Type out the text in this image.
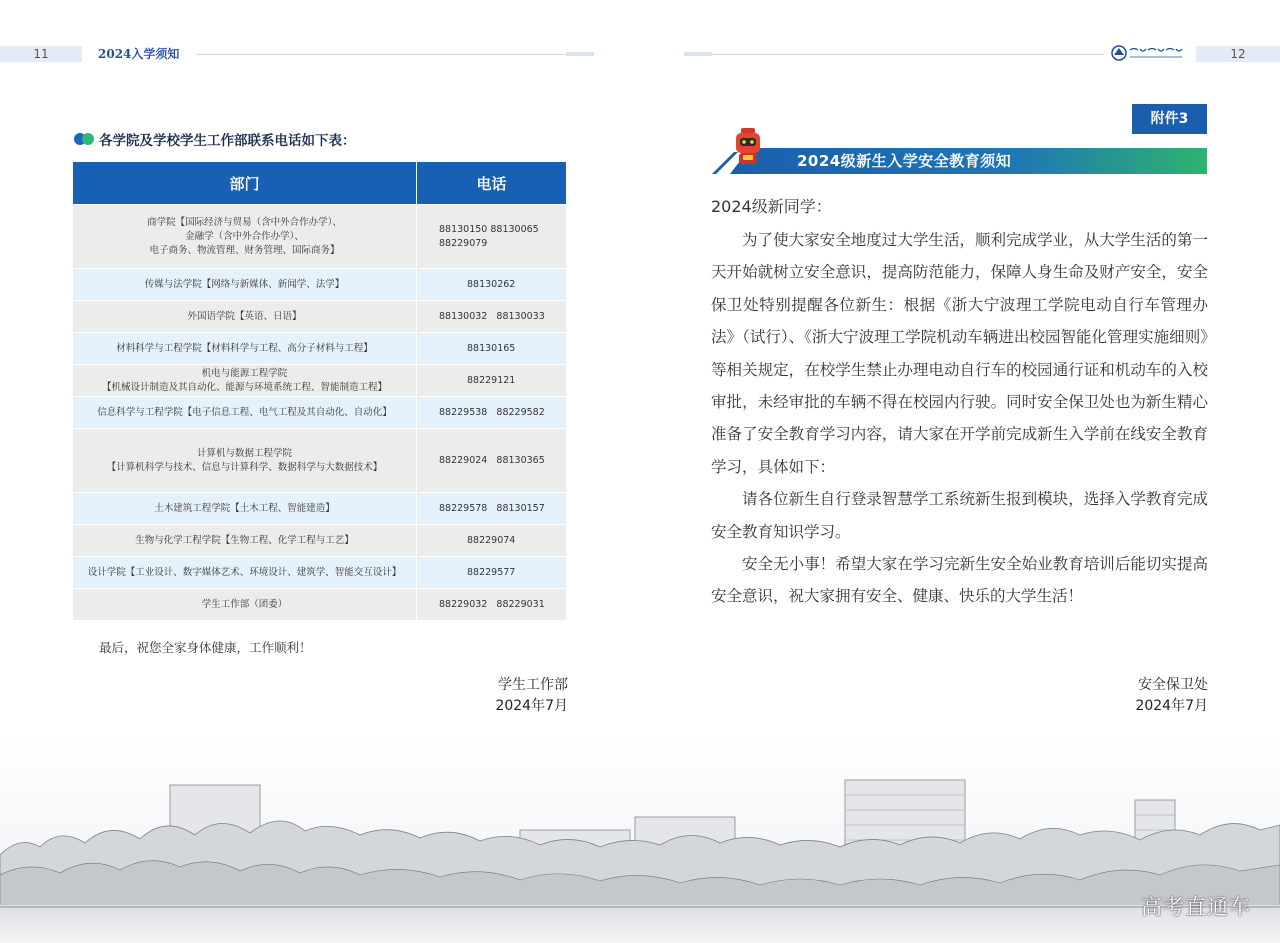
11	2024入学须知	12
各学院及学校学生工作部联系电话如下表：
部门	电话
商学院【国际经济与贸易（含中外合作办学）、
金融学（含中外合作办学）、
电子商务、物流管理、财务管理、国际商务】	88130150 88130065
88229079
传媒与法学院【网络与新媒体、新闻学、法学】	88130262
外国语学院【英语、日语】	88130032   88130033
材料科学与工程学院【材料科学与工程、高分子材料与工程】	88130165
机电与能源工程学院
【机械设计制造及其自动化、能源与环境系统工程、智能制造工程】	88229121
信息科学与工程学院【电子信息工程、电气工程及其自动化、自动化】	88229538   88229582
计算机与数据工程学院
【计算机科学与技术、信息与计算科学、数据科学与大数据技术】	88229024   88130365
土木建筑工程学院【土木工程、智能建造】	88229578   88130157
生物与化学工程学院【生物工程、化学工程与工艺】	88229074
设计学院【工业设计、数字媒体艺术、环境设计、建筑学、智能交互设计】	88229577
学生工作部（团委）	88229032   88229031
最后，祝您全家身体健康，工作顺利！
学生工作部
2024年7月
附件3
2024级新生入学安全教育须知
2024级新同学：

为了使大家安全地度过大学生活，顺利完成学业，从大学生活的第一天开始就树立安全意识，提高防范能力，保障人身生命及财产安全，安全保卫处特别提醒各位新生：根据《浙大宁波理工学院电动自行车管理办法》（试行）、《浙大宁波理工学院机动车辆进出校园智能化管理实施细则》等相关规定，在校学生禁止办理电动自行车的校园通行证和机动车的入校审批，未经审批的车辆不得在校园内行驶。同时安全保卫处也为新生精心准备了安全教育学习内容，请大家在开学前完成新生入学前在线安全教育学习，具体如下：

请各位新生自行登录智慧学工系统新生报到模块，选择入学教育完成安全教育知识学习。

安全无小事！希望大家在学习完新生安全始业教育培训后能切实提高安全意识，祝大家拥有安全、健康、快乐的大学生活！

安全保卫处
2024年7月
高考直通车
